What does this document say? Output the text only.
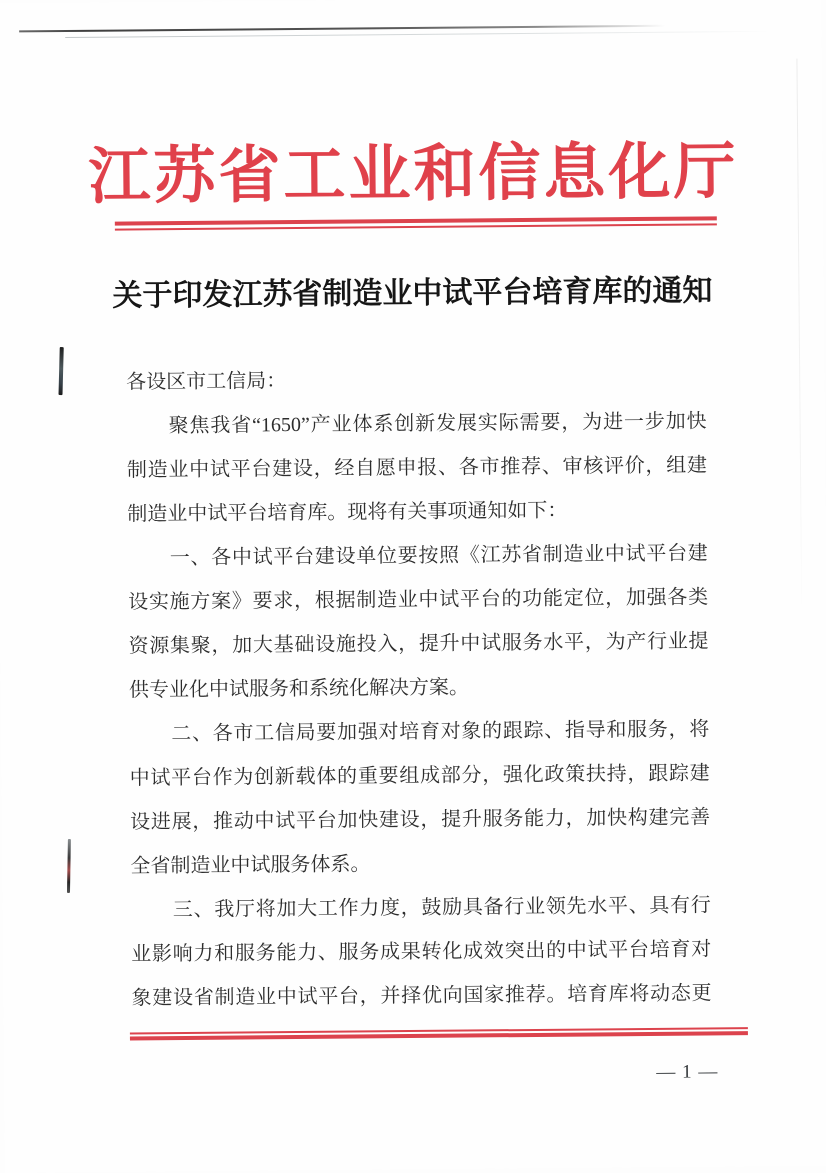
江苏省工业和信息化厅
关于印发江苏省制造业中试平台培育库的通知
各设区市工信局：
聚焦我省“1650”产业体系创新发展实际需要，为进一步加快
制造业中试平台建设，经自愿申报、各市推荐、审核评价，组建
制造业中试平台培育库。现将有关事项通知如下：
一、各中试平台建设单位要按照《江苏省制造业中试平台建
设实施方案》要求，根据制造业中试平台的功能定位，加强各类
资源集聚，加大基础设施投入，提升中试服务水平，为产行业提
供专业化中试服务和系统化解决方案。
二、各市工信局要加强对培育对象的跟踪、指导和服务，将
中试平台作为创新载体的重要组成部分，强化政策扶持，跟踪建
设进展，推动中试平台加快建设，提升服务能力，加快构建完善
全省制造业中试服务体系。
三、我厅将加大工作力度，鼓励具备行业领先水平、具有行
业影响力和服务能力、服务成果转化成效突出的中试平台培育对
象建设省制造业中试平台，并择优向国家推荐。培育库将动态更
— 1 —
